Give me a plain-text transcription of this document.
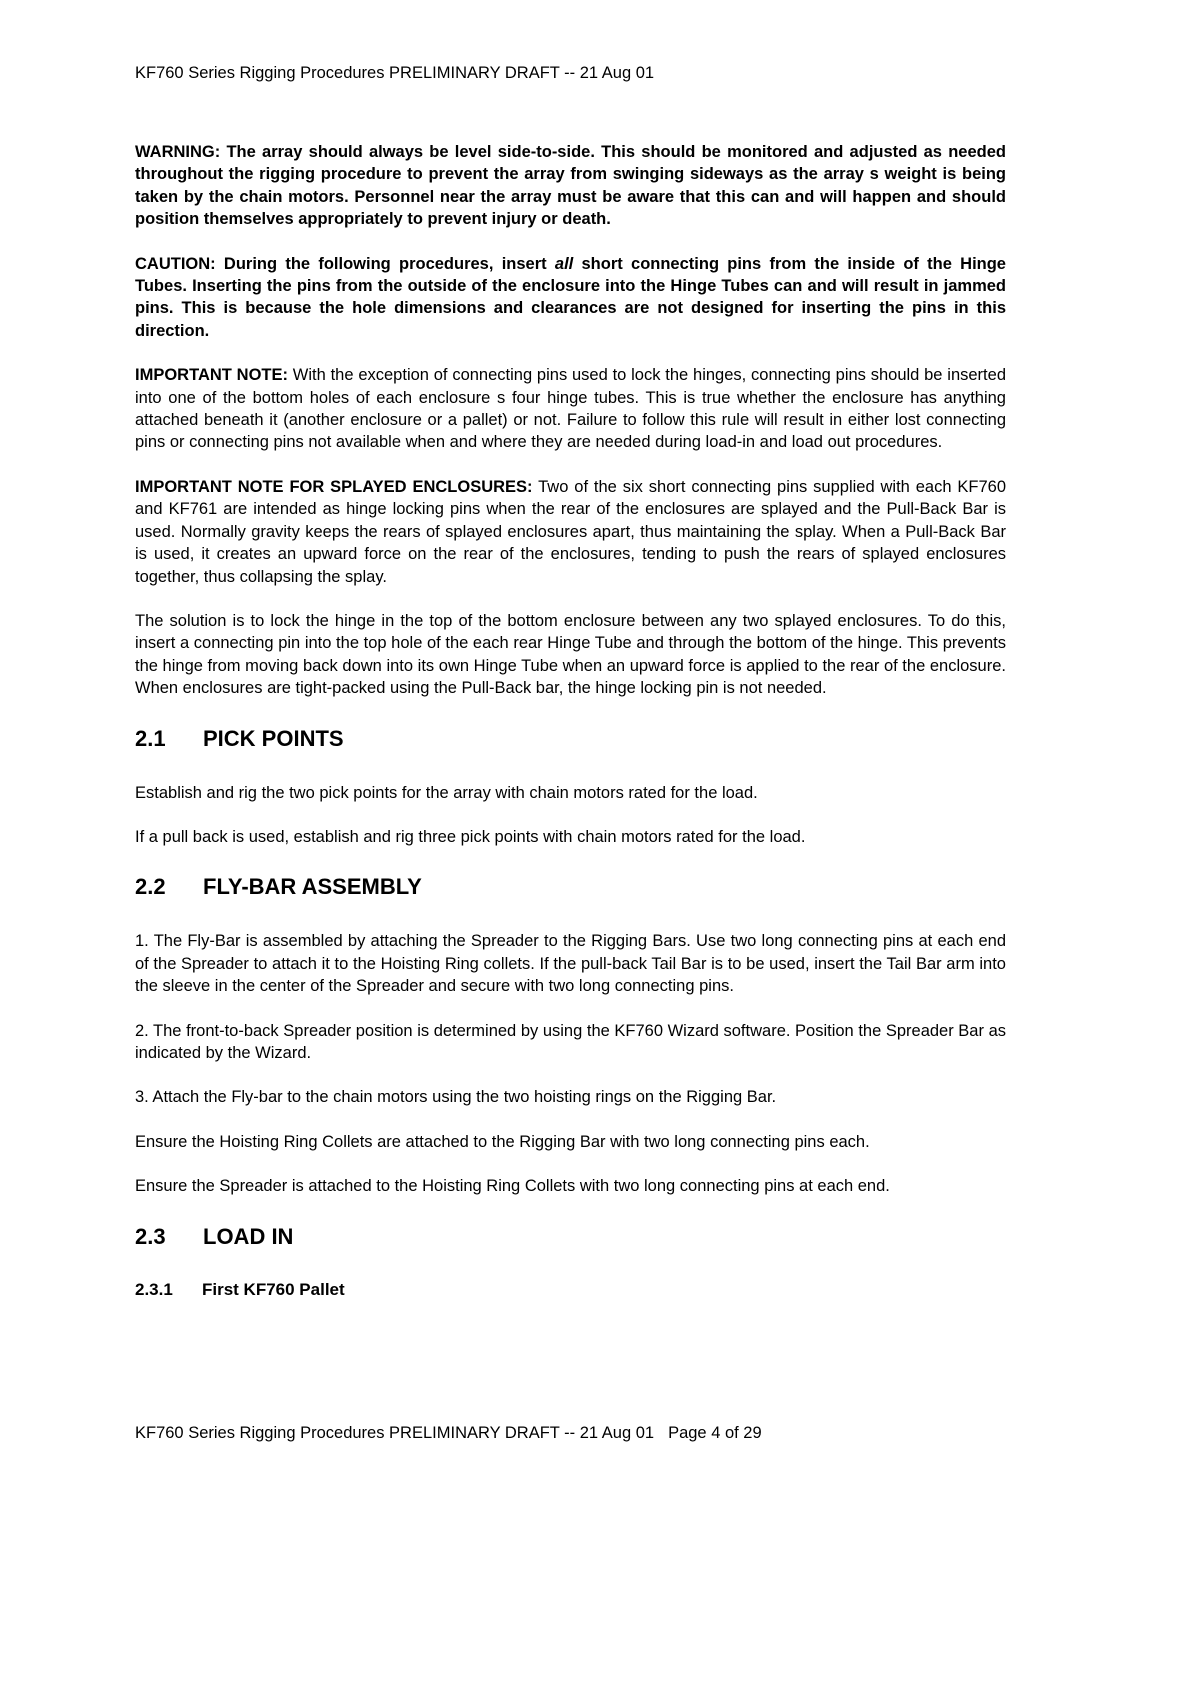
KF760 Series Rigging Procedures PRELIMINARY DRAFT -- 21 Aug 01

WARNING: The array should always be level side-to-side. This should be monitored and adjusted as needed throughout the rigging procedure to prevent the array from swinging sideways as the array s weight is being taken by the chain motors. Personnel near the array must be aware that this can and will happen and should position themselves appropriately to prevent injury or death.

CAUTION: During the following procedures, insert all short connecting pins from the inside of the Hinge Tubes. Inserting the pins from the outside of the enclosure into the Hinge Tubes can and will result in jammed pins. This is because the hole dimensions and clearances are not designed for inserting the pins in this direction.

IMPORTANT NOTE: With the exception of connecting pins used to lock the hinges, connecting pins should be inserted into one of the bottom holes of each enclosure s four hinge tubes. This is true whether the enclosure has anything attached beneath it (another enclosure or a pallet) or not. Failure to follow this rule will result in either lost connecting pins or connecting pins not available when and where they are needed during load-in and load out procedures.

IMPORTANT NOTE FOR SPLAYED ENCLOSURES: Two of the six short connecting pins supplied with each KF760 and KF761 are intended as hinge locking pins when the rear of the enclosures are splayed and the Pull-Back Bar is used. Normally gravity keeps the rears of splayed enclosures apart, thus maintaining the splay. When a Pull-Back Bar is used, it creates an upward force on the rear of the enclosures, tending to push the rears of splayed enclosures together, thus collapsing the splay.

The solution is to lock the hinge in the top of the bottom enclosure between any two splayed enclosures. To do this, insert a connecting pin into the top hole of the each rear Hinge Tube and through the bottom of the hinge. This prevents the hinge from moving back down into its own Hinge Tube when an upward force is applied to the rear of the enclosure. When enclosures are tight-packed using the Pull-Back bar, the hinge locking pin is not needed.

2.1 PICK POINTS

Establish and rig the two pick points for the array with chain motors rated for the load.

If a pull back is used, establish and rig three pick points with chain motors rated for the load.

2.2 FLY-BAR ASSEMBLY

1. The Fly-Bar is assembled by attaching the Spreader to the Rigging Bars. Use two long connecting pins at each end of the Spreader to attach it to the Hoisting Ring collets. If the pull-back Tail Bar is to be used, insert the Tail Bar arm into the sleeve in the center of the Spreader and secure with two long connecting pins.

2. The front-to-back Spreader position is determined by using the KF760 Wizard software. Position the Spreader Bar as indicated by the Wizard.

3. Attach the Fly-bar to the chain motors using the two hoisting rings on the Rigging Bar.

Ensure the Hoisting Ring Collets are attached to the Rigging Bar with two long connecting pins each.

Ensure the Spreader is attached to the Hoisting Ring Collets with two long connecting pins at each end.

2.3 LOAD IN
2.3.1 First KF760 Pallet
KF760 Series Rigging Procedures PRELIMINARY DRAFT -- 21 Aug 01 Page 4 of 29
